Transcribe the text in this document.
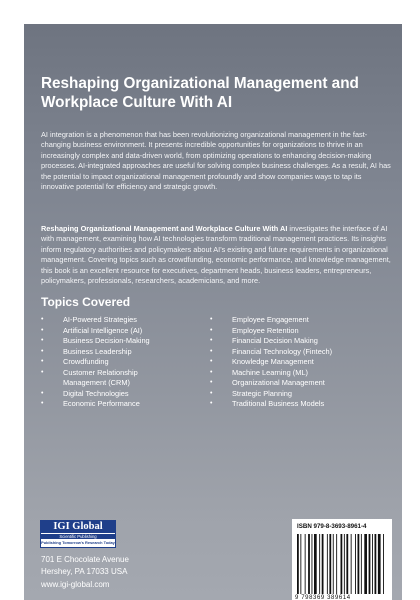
Reshaping Organizational Management and Workplace Culture With AI

AI integration is a phenomenon that has been revolutionizing organizational management in the fast-changing business environment. It presents incredible opportunities for organizations to thrive in an increasingly complex and data-driven world, from optimizing operations to enhancing decision-making processes. AI-integrated approaches are useful for solving complex business challenges. As a result, AI has the potential to impact organizational management profoundly and show companies ways to tap its innovative potential for efficiency and strategic growth.

Reshaping Organizational Management and Workplace Culture With AI investigates the interface of AI with management, examining how AI technologies transform traditional management practices. Its insights inform regulatory authorities and policymakers about AI's existing and future requirements in organizational management. Covering topics such as crowdfunding, economic performance, and knowledge management, this book is an excellent resource for executives, department heads, business leaders, entrepreneurs, policymakers, professionals, researchers, academicians, and more.

Topics Covered
•	AI-Powered Strategies
•	Artificial Intelligence (AI)
•	Business Decision-Making
•	Business Leadership
•	Crowdfunding
•	Customer Relationship Management (CRM)
•	Digital Technologies
•	Economic Performance
•	Employee Engagement
•	Employee Retention
•	Financial Decision Making
•	Financial Technology (Fintech)
•	Knowledge Management
•	Machine Learning (ML)
•	Organizational Management
•	Strategic Planning
•	Traditional Business Models
IGI Global
Scientific Publishing
Publishing Tomorrow's Research Today
701 E Chocolate Avenue
Hershey, PA 17033 USA
www.igi-global.com
ISBN 979-8-3693-8961-4
9 798369 389614
